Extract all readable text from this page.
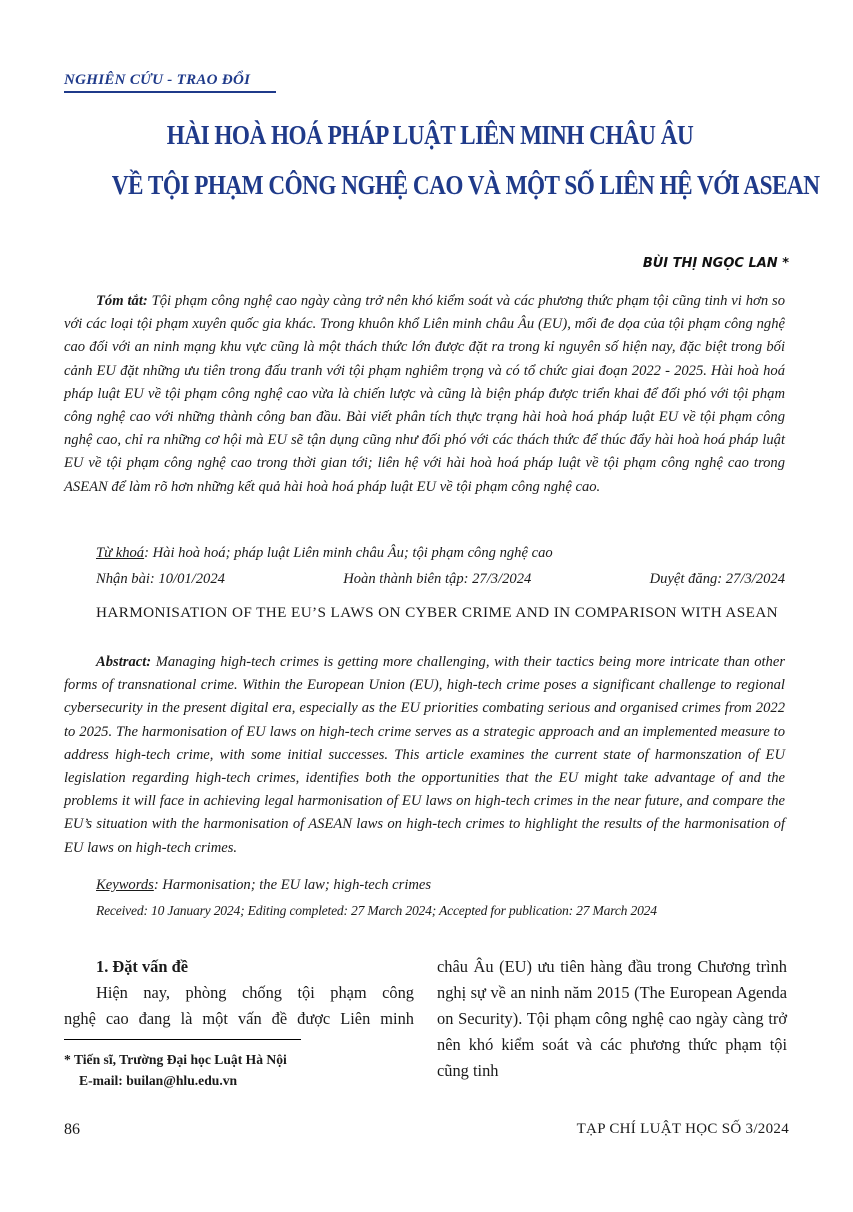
NGHIÊN CỨU - TRAO ĐỔI
HÀI HOÀ HOÁ PHÁP LUẬT LIÊN MINH CHÂU ÂU
VỀ TỘI PHẠM CÔNG NGHỆ CAO VÀ MỘT SỐ LIÊN HỆ VỚI ASEAN
BÙI THỊ NGỌC LAN *
Tóm tắt: Tội phạm công nghệ cao ngày càng trở nên khó kiểm soát và các phương thức phạm tội cũng tinh vi hơn so với các loại tội phạm xuyên quốc gia khác. Trong khuôn khổ Liên minh châu Âu (EU), mối đe dọa của tội phạm công nghệ cao đối với an ninh mạng khu vực cũng là một thách thức lớn được đặt ra trong kỉ nguyên số hiện nay, đặc biệt trong bối cảnh EU đặt những ưu tiên trong đấu tranh với tội phạm nghiêm trọng và có tổ chức giai đoạn 2022 - 2025. Hài hoà hoá pháp luật EU về tội phạm công nghệ cao vừa là chiến lược và cũng là biện pháp được triển khai để đối phó với tội phạm công nghệ cao với những thành công ban đầu. Bài viết phân tích thực trạng hài hoà hoá pháp luật EU về tội phạm công nghệ cao, chỉ ra những cơ hội mà EU sẽ tận dụng cũng như đối phó với các thách thức để thúc đẩy hài hoà hoá pháp luật EU về tội phạm công nghệ cao trong thời gian tới; liên hệ với hài hoà hoá pháp luật về tội phạm công nghệ cao trong ASEAN để làm rõ hơn những kết quả hài hoà hoá pháp luật EU về tội phạm công nghệ cao.
Từ khoá: Hài hoà hoá; pháp luật Liên minh châu Âu; tội phạm công nghệ cao
Nhận bài: 10/01/2024	Hoàn thành biên tập: 27/3/2024	Duyệt đăng: 27/3/2024
HARMONISATION OF THE EU’S LAWS ON CYBER CRIME AND IN COMPARISON WITH ASEAN
Abstract: Managing high-tech crimes is getting more challenging, with their tactics being more intricate than other forms of transnational crime. Within the European Union (EU), high-tech crime poses a significant challenge to regional cybersecurity in the present digital era, especially as the EU priorities combating serious and organised crimes from 2022 to 2025. The harmonisation of EU laws on high-tech crime serves as a strategic approach and an implemented measure to address high-tech crime, with some initial successes. This article examines the current state of harmonszation of EU legislation regarding high-tech crimes, identifies both the opportunities that the EU might take advantage of and the problems it will face in achieving legal harmonisation of EU laws on high-tech crimes in the near future, and compare the EU’s situation with the harmonisation of ASEAN laws on high-tech crimes to highlight the results of the harmonisation of EU laws on high-tech crimes.
Keywords: Harmonisation; the EU law; high-tech crimes
Received: 10 January 2024; Editing completed: 27 March 2024; Accepted for publication: 27 March 2024
1. Đặt vấn đề
Hiện nay, phòng chống tội phạm công
nghệ cao đang là một vấn đề được Liên minh
châu Âu (EU) ưu tiên hàng đầu trong Chương trình nghị sự về an ninh năm 2015 (The European Agenda on Security). Tội phạm công nghệ cao ngày càng trở nên khó kiểm soát và các phương thức phạm tội cũng tinh
* Tiến sĩ, Trường Đại học Luật Hà Nội
E-mail: builan@hlu.edu.vn
86	TẠP CHÍ LUẬT HỌC SỐ 3/2024
